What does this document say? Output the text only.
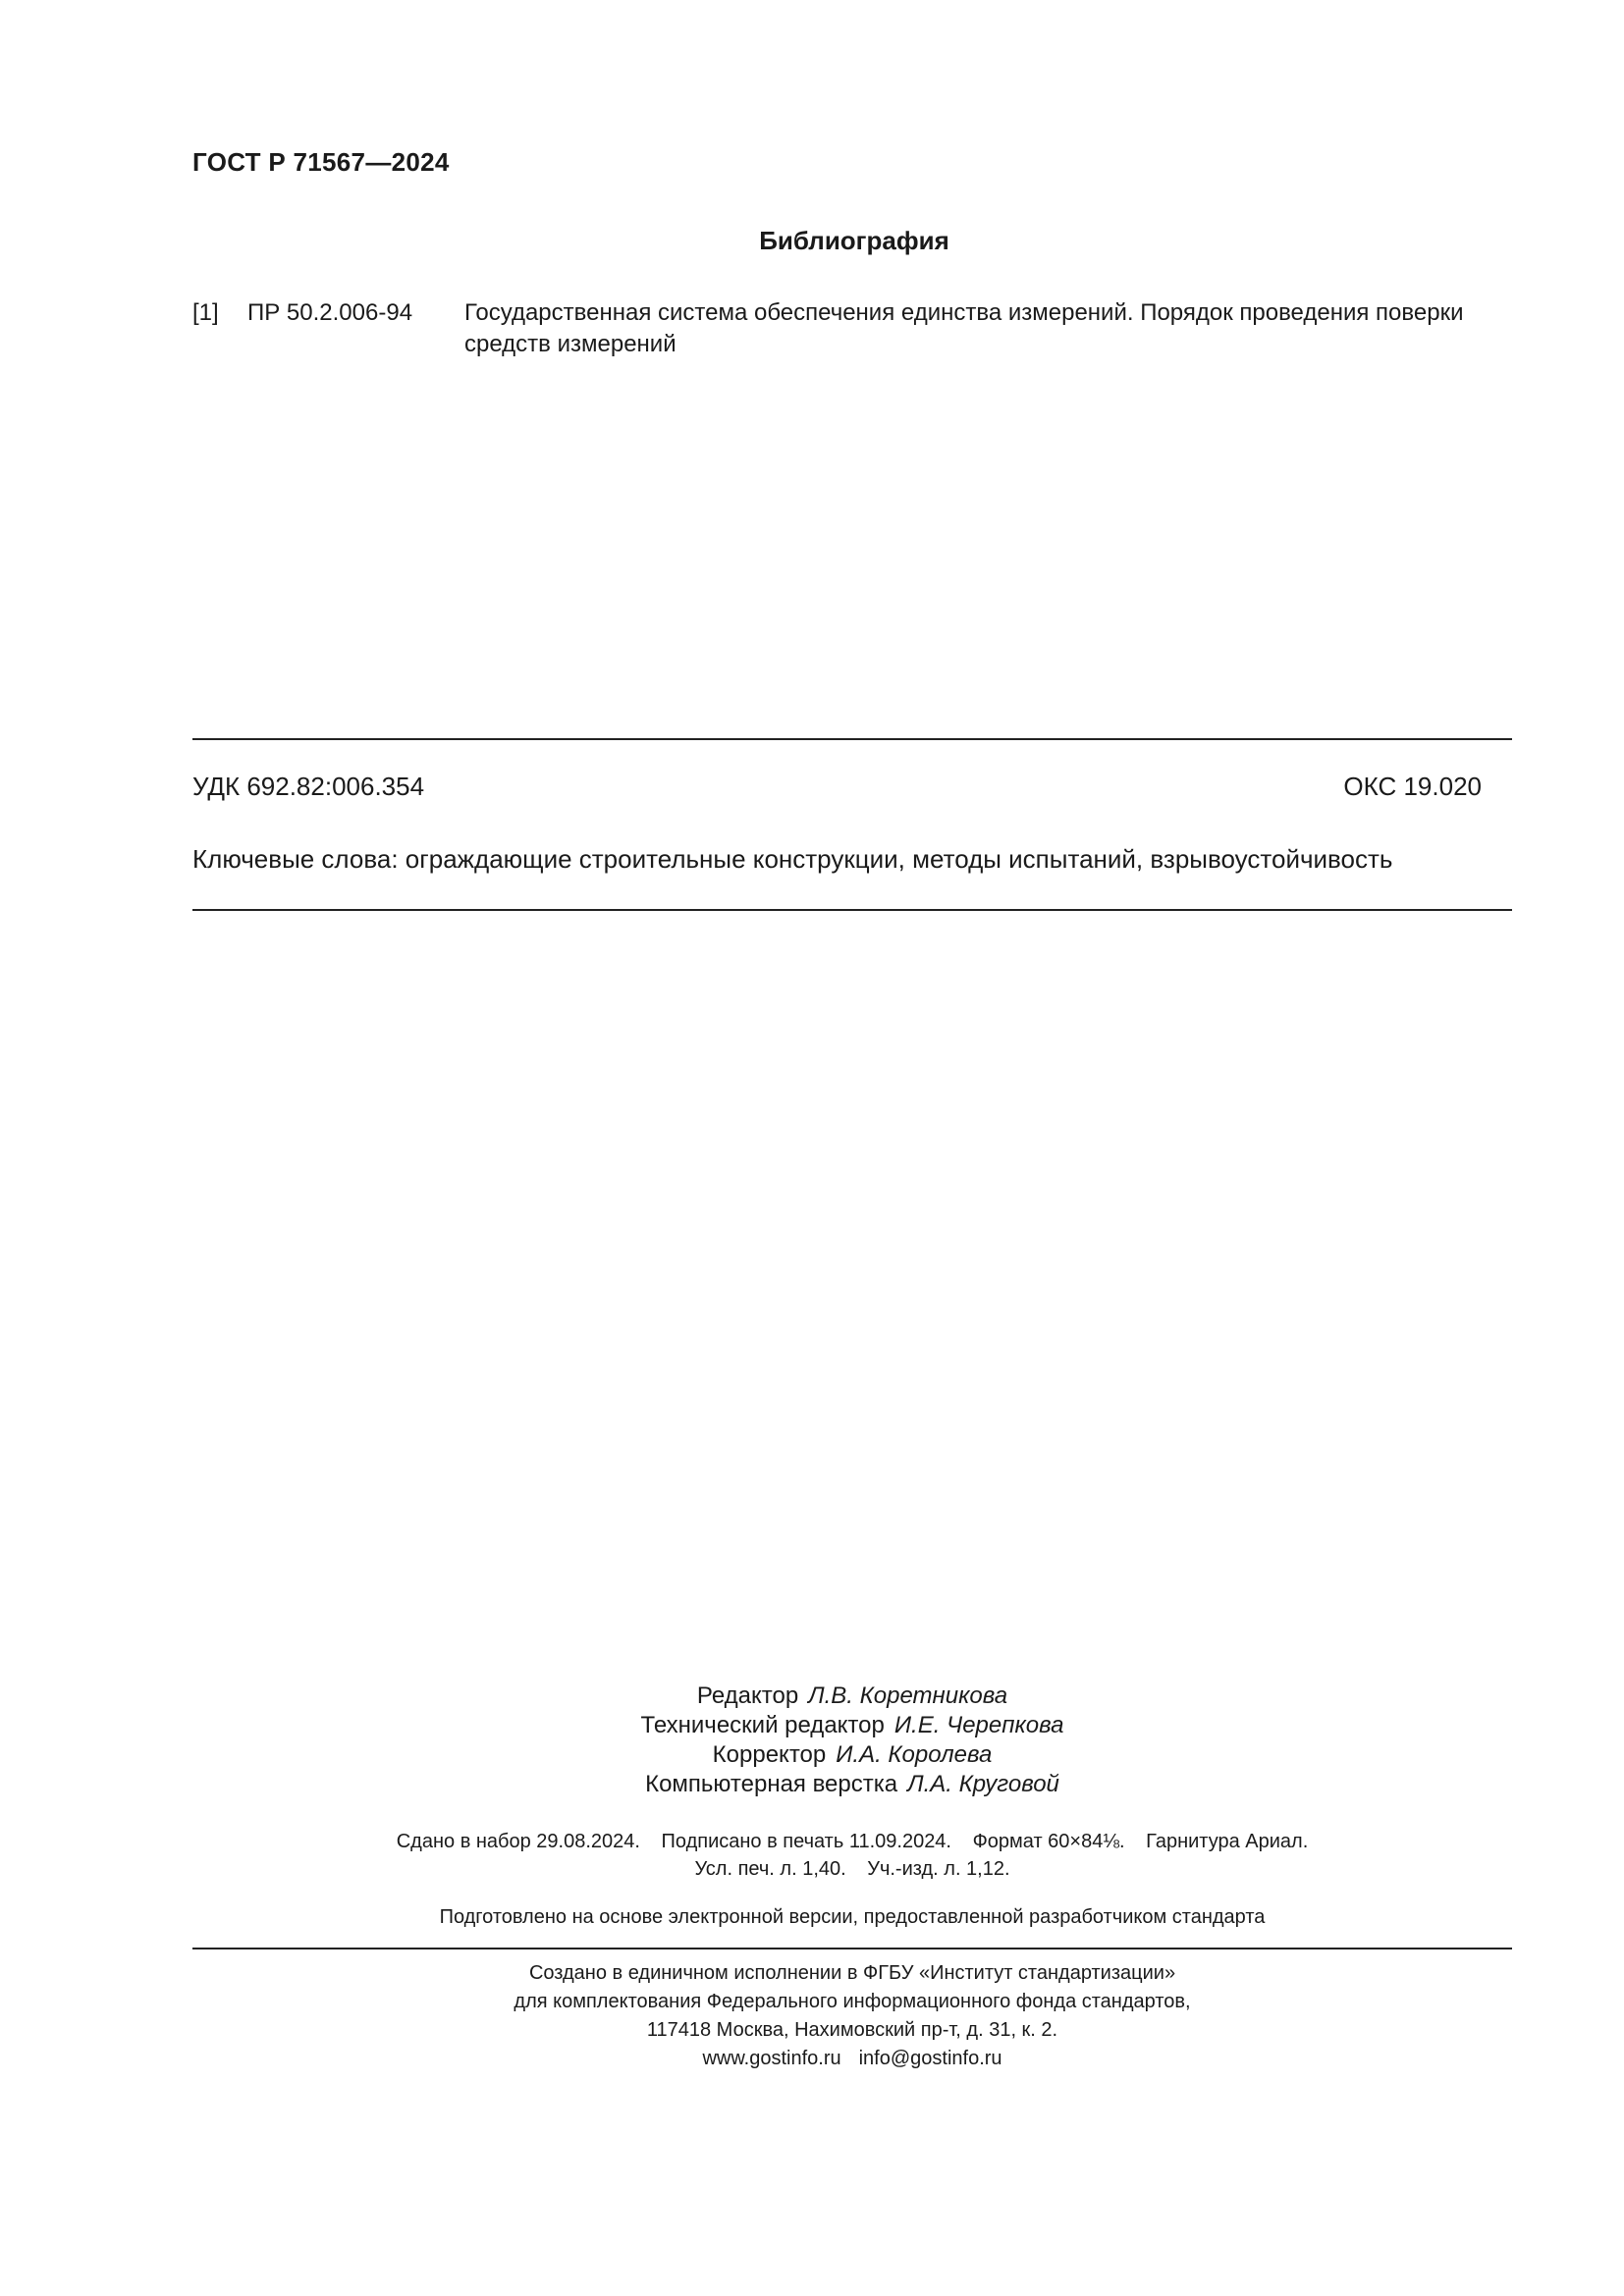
ГОСТ Р 71567—2024
Библиография
[1] ПР 50.2.006-94 Государственная система обеспечения единства измерений. Порядок проведения поверки средств измерений
УДК 692.82:006.354	ОКС 19.020
Ключевые слова: ограждающие строительные конструкции, методы испытаний, взрывоустойчивость
Редактор Л.В. Коретникова
Технический редактор И.Е. Черепкова
Корректор И.А. Королева
Компьютерная верстка Л.А. Круговой
Сдано в набор 29.08.2024. Подписано в печать 11.09.2024. Формат 60×84⅛. Гарнитура Ариал.
Усл. печ. л. 1,40. Уч.-изд. л. 1,12.
Подготовлено на основе электронной версии, предоставленной разработчиком стандарта
Создано в единичном исполнении в ФГБУ «Институт стандартизации»
для комплектования Федерального информационного фонда стандартов,
117418 Москва, Нахимовский пр-т, д. 31, к. 2.
www.gostinfo.ru info@gostinfo.ru
